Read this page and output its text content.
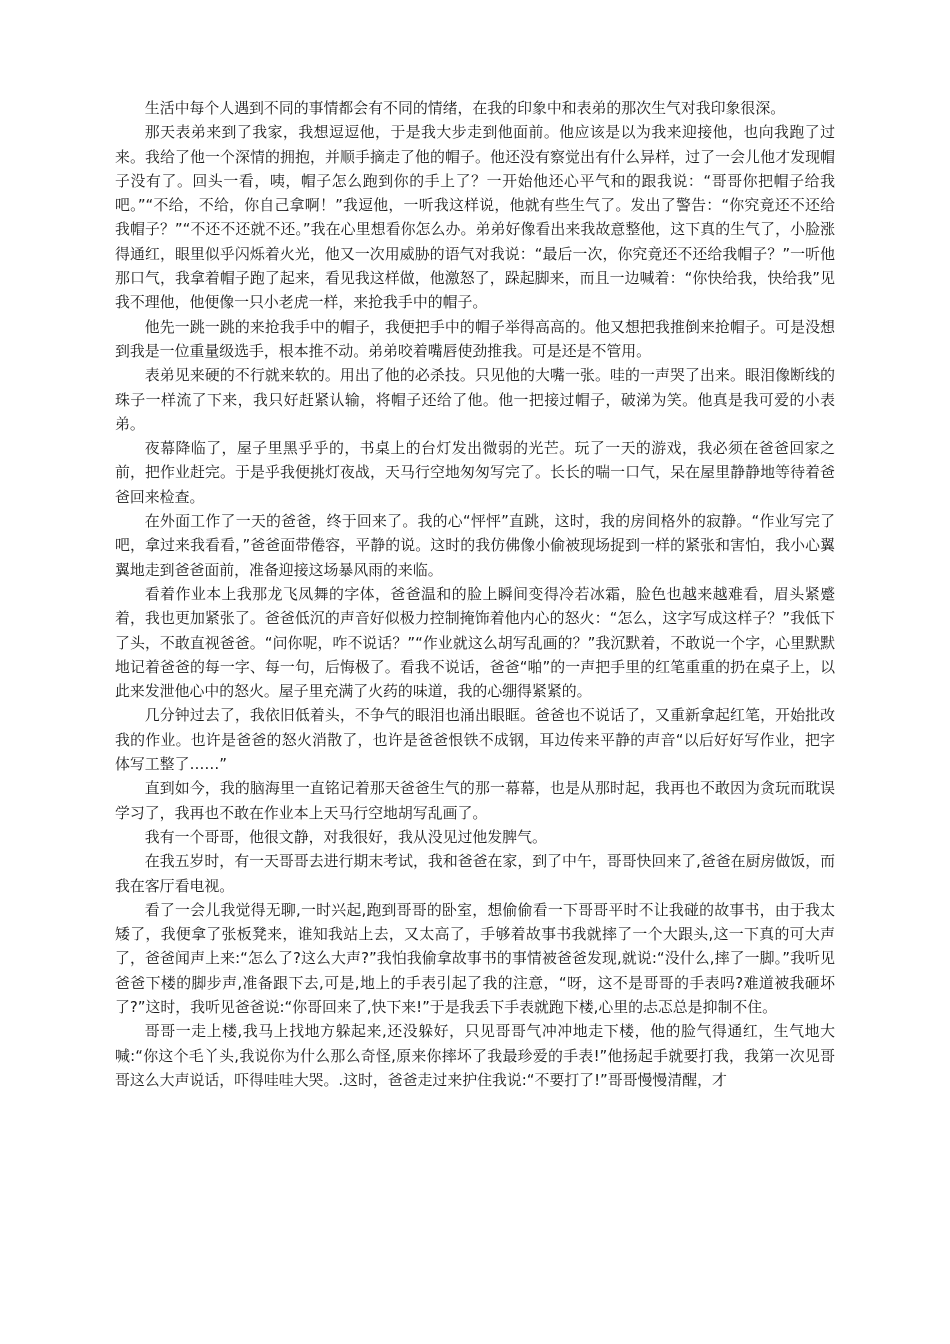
生活中每个人遇到不同的事情都会有不同的情绪，在我的印象中和表弟的那次生气对我印象很深。

那天表弟来到了我家，我想逗逗他，于是我大步走到他面前。他应该是以为我来迎接他，也向我跑了过来。我给了他一个深情的拥抱，并顺手摘走了他的帽子。他还没有察觉出有什么异样，过了一会儿他才发现帽子没有了。回头一看，咦，帽子怎么跑到你的手上了？一开始他还心平气和的跟我说：“哥哥你把帽子给我吧。”“不给，不给，你自己拿啊！”我逗他，一听我这样说，他就有些生气了。发出了警告：“你究竟还不还给我帽子？”“不还不还就不还。”我在心里想看你怎么办。弟弟好像看出来我故意整他，这下真的生气了，小脸涨得通红，眼里似乎闪烁着火光，他又一次用威胁的语气对我说：“最后一次，你究竟还不还给我帽子？”一听他那口气，我拿着帽子跑了起来，看见我这样做，他激怒了，跺起脚来，而且一边喊着：“你快给我，快给我”见我不理他，他便像一只小老虎一样，来抢我手中的帽子。

他先一跳一跳的来抢我手中的帽子，我便把手中的帽子举得高高的。他又想把我推倒来抢帽子。可是没想到我是一位重量级选手，根本推不动。弟弟咬着嘴唇使劲推我。可是还是不管用。

表弟见来硬的不行就来软的。用出了他的必杀技。只见他的大嘴一张。哇的一声哭了出来。眼泪像断线的珠子一样流了下来，我只好赶紧认输，将帽子还给了他。他一把接过帽子，破涕为笑。他真是我可爱的小表弟。

夜幕降临了，屋子里黑乎乎的，书桌上的台灯发出微弱的光芒。玩了一天的游戏，我必须在爸爸回家之前，把作业赶完。于是乎我便挑灯夜战，天马行空地匆匆写完了。长长的喘一口气，呆在屋里静静地等待着爸爸回来检查。

在外面工作了一天的爸爸，终于回来了。我的心“怦怦”直跳，这时，我的房间格外的寂静。“作业写完了吧，拿过来我看看，”爸爸面带倦容，平静的说。这时的我仿佛像小偷被现场捉到一样的紧张和害怕，我小心翼翼地走到爸爸面前，准备迎接这场暴风雨的来临。

看着作业本上我那龙飞凤舞的字体，爸爸温和的脸上瞬间变得冷若冰霜，脸色也越来越难看，眉头紧蹙着，我也更加紧张了。爸爸低沉的声音好似极力控制掩饰着他内心的怒火：“怎么，这字写成这样子？”我低下了头，不敢直视爸爸。“问你呢，咋不说话？”“作业就这么胡写乱画的？”我沉默着，不敢说一个字，心里默默地记着爸爸的每一字、每一句，后悔极了。看我不说话，爸爸“啪”的一声把手里的红笔重重的扔在桌子上，以此来发泄他心中的怒火。屋子里充满了火药的味道，我的心绷得紧紧的。

几分钟过去了，我依旧低着头，不争气的眼泪也涌出眼眶。爸爸也不说话了，又重新拿起红笔，开始批改我的作业。也许是爸爸的怒火消散了，也许是爸爸恨铁不成钢，耳边传来平静的声音“以后好好写作业，把字体写工整了……”

直到如今，我的脑海里一直铭记着那天爸爸生气的那一幕幕，也是从那时起，我再也不敢因为贪玩而耽误学习了，我再也不敢在作业本上天马行空地胡写乱画了。

我有一个哥哥，他很文静，对我很好，我从没见过他发脾气。

在我五岁时，有一天哥哥去进行期末考试，我和爸爸在家，到了中午，哥哥快回来了,爸爸在厨房做饭，而我在客厅看电视。

看了一会儿我觉得无聊,一时兴起,跑到哥哥的卧室，想偷偷看一下哥哥平时不让我碰的故事书，由于我太矮了，我便拿了张板凳来，谁知我站上去，又太高了，手够着故事书我就摔了一个大跟头,这一下真的可大声了，爸爸闻声上来:“怎么了?这么大声?”我怕我偷拿故事书的事情被爸爸发现,就说:“没什么,摔了一脚。”我听见爸爸下楼的脚步声,准备跟下去,可是,地上的手表引起了我的注意，“呀，这不是哥哥的手表吗?难道被我砸坏了?”这时，我听见爸爸说:“你哥回来了,快下来!”于是我丢下手表就跑下楼,心里的忐忑总是抑制不住。

哥哥一走上楼,我马上找地方躲起来,还没躲好，只见哥哥气冲冲地走下楼，他的脸气得通红，生气地大喊:“你这个毛丫头,我说你为什么那么奇怪,原来你摔坏了我最珍爱的手表!”他扬起手就要打我，我第一次见哥哥这么大声说话，吓得哇哇大哭。.这时，爸爸走过来护住我说:“不要打了!”哥哥慢慢清醒，才
